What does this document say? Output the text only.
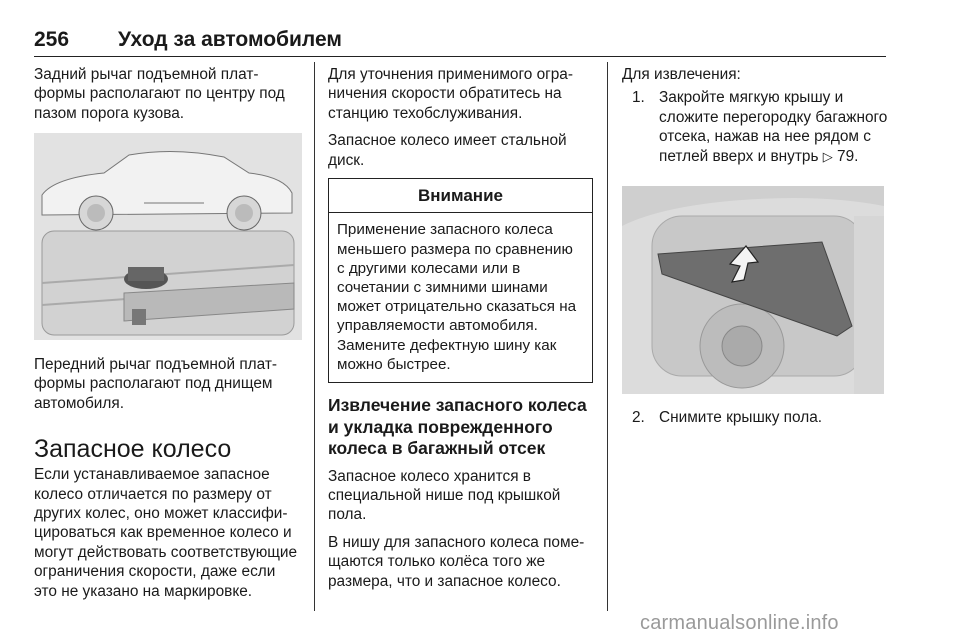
256 Уход за автомобилем

Задний рычаг подъемной платформы располагают по центру под пазом порога кузова.

Передний рычаг подъемной платформы располагают под днищем автомобиля.

Запасное колесо

Если устанавливаемое запасное колесо отличается по размеру от других колес, оно может классифицироваться как временное колесо и могут действовать соответствующие ограничения скорости, даже если это не указано на маркировке.

Для уточнения применимого ограничения скорости обратитесь на станцию техобслуживания.

Запасное колесо имеет стальной диск.

Внимание
Применение запасного колеса меньшего размера по сравнению с другими колесами или в сочетании с зимними шинами может отрицательно сказаться на управляемости автомобиля. Замените дефектную шину как можно быстрее.
Извлечение запасного колеса и укладка поврежденного колеса в багажный отсек

Запасное колесо хранится в специальной нише под крышкой пола.

В нишу для запасного колеса помещаются только колёса того же размера, что и запасное колесо.

Для извлечения:

1. Закройте мягкую крышу и сложите перегородку багажного отсека, нажав на нее рядом с петлей вверх и внутрь ▷ 79.
2. Снимите крышку пола.
carmanualsonline.info
